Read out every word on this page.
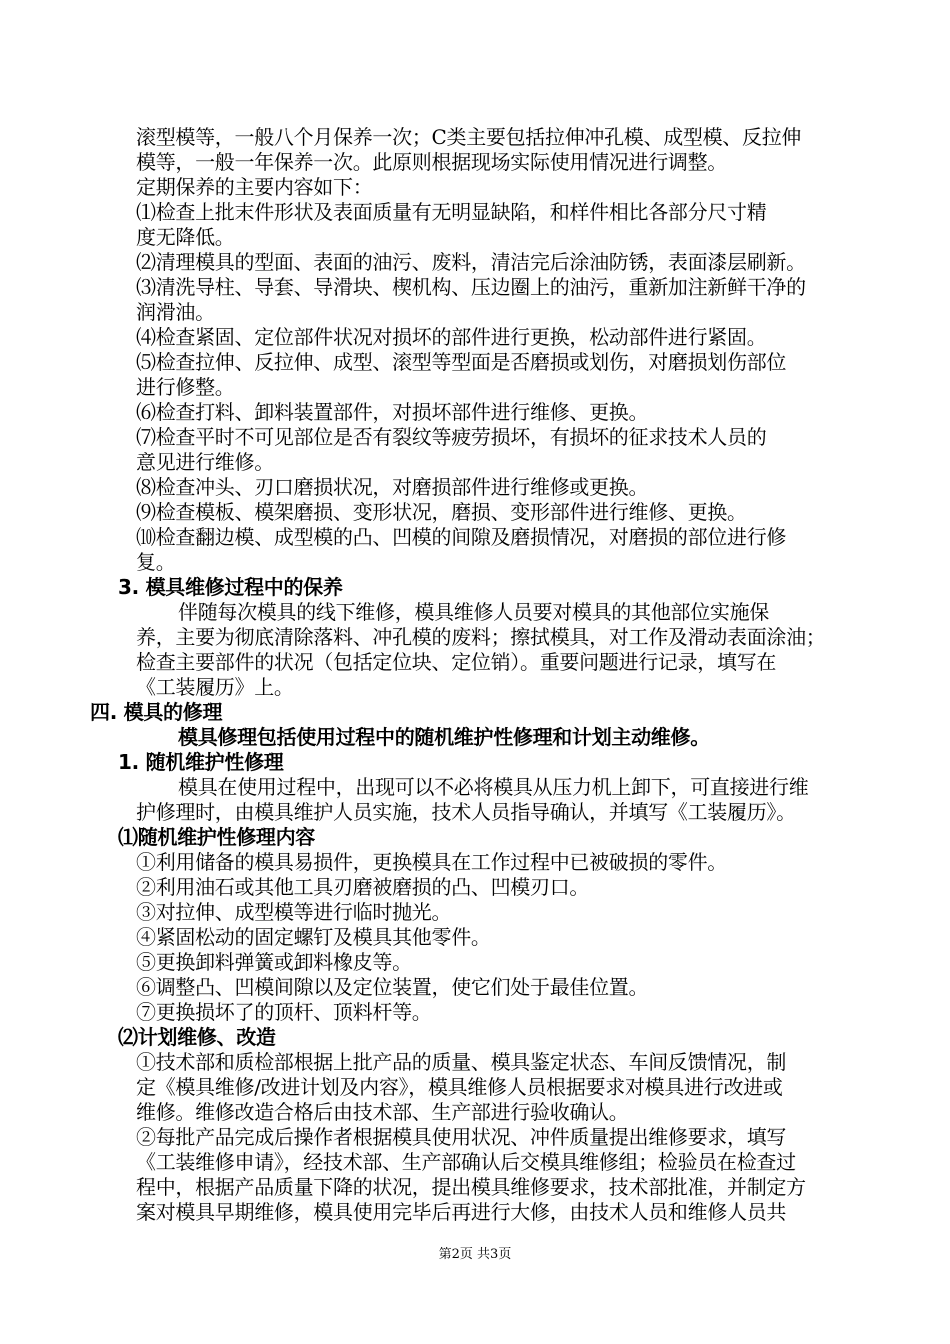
滚型模等，一般八个月保养一次；C类主要包括拉伸冲孔模、成型模、反拉伸
模等，一般一年保养一次。此原则根据现场实际使用情况进行调整。
定期保养的主要内容如下：
⑴检查上批末件形状及表面质量有无明显缺陷，和样件相比各部分尺寸精
度无降低。
⑵清理模具的型面、表面的油污、废料，清洁完后涂油防锈，表面漆层刷新。
⑶清洗导柱、导套、导滑块、楔机构、压边圈上的油污，重新加注新鲜干净的
润滑油。
⑷检查紧固、定位部件状况对损坏的部件进行更换，松动部件进行紧固。
⑸检查拉伸、反拉伸、成型、滚型等型面是否磨损或划伤，对磨损划伤部位
进行修整。
⑹检查打料、卸料装置部件，对损坏部件进行维修、更换。
⑺检查平时不可见部位是否有裂纹等疲劳损坏，有损坏的征求技术人员的
意见进行维修。
⑻检查冲头、刃口磨损状况，对磨损部件进行维修或更换。
⑼检查模板、模架磨损、变形状况，磨损、变形部件进行维修、更换。
⑽检查翻边模、成型模的凸、凹模的间隙及磨损情况，对磨损的部位进行修
复。
3. 模具维修过程中的保养
伴随每次模具的线下维修，模具维修人员要对模具的其他部位实施保
养，主要为彻底清除落料、冲孔模的废料；擦拭模具，对工作及滑动表面涂油；
检查主要部件的状况（包括定位块、定位销）。重要问题进行记录，填写在
《工装履历》上。
四. 模具的修理
模具修理包括使用过程中的随机维护性修理和计划主动维修。
1. 随机维护性修理
模具在使用过程中，出现可以不必将模具从压力机上卸下，可直接进行维
护修理时，由模具维护人员实施，技术人员指导确认，并填写《工装履历》。
⑴随机维护性修理内容
①利用储备的模具易损件，更换模具在工作过程中已被破损的零件。
②利用油石或其他工具刃磨被磨损的凸、凹模刃口。
③对拉伸、成型模等进行临时抛光。
④紧固松动的固定螺钉及模具其他零件。
⑤更换卸料弹簧或卸料橡皮等。
⑥调整凸、凹模间隙以及定位装置，使它们处于最佳位置。
⑦更换损坏了的顶杆、顶料杆等。
⑵计划维修、改造
①技术部和质检部根据上批产品的质量、模具鉴定状态、车间反馈情况，制
定《模具维修/改进计划及内容》，模具维修人员根据要求对模具进行改进或
维修。维修改造合格后由技术部、生产部进行验收确认。
②每批产品完成后操作者根据模具使用状况、冲件质量提出维修要求，填写
《工装维修申请》，经技术部、生产部确认后交模具维修组；检验员在检查过
程中，根据产品质量下降的状况，提出模具维修要求，技术部批准，并制定方
案对模具早期维修，模具使用完毕后再进行大修，由技术人员和维修人员共
第2页 共3页
